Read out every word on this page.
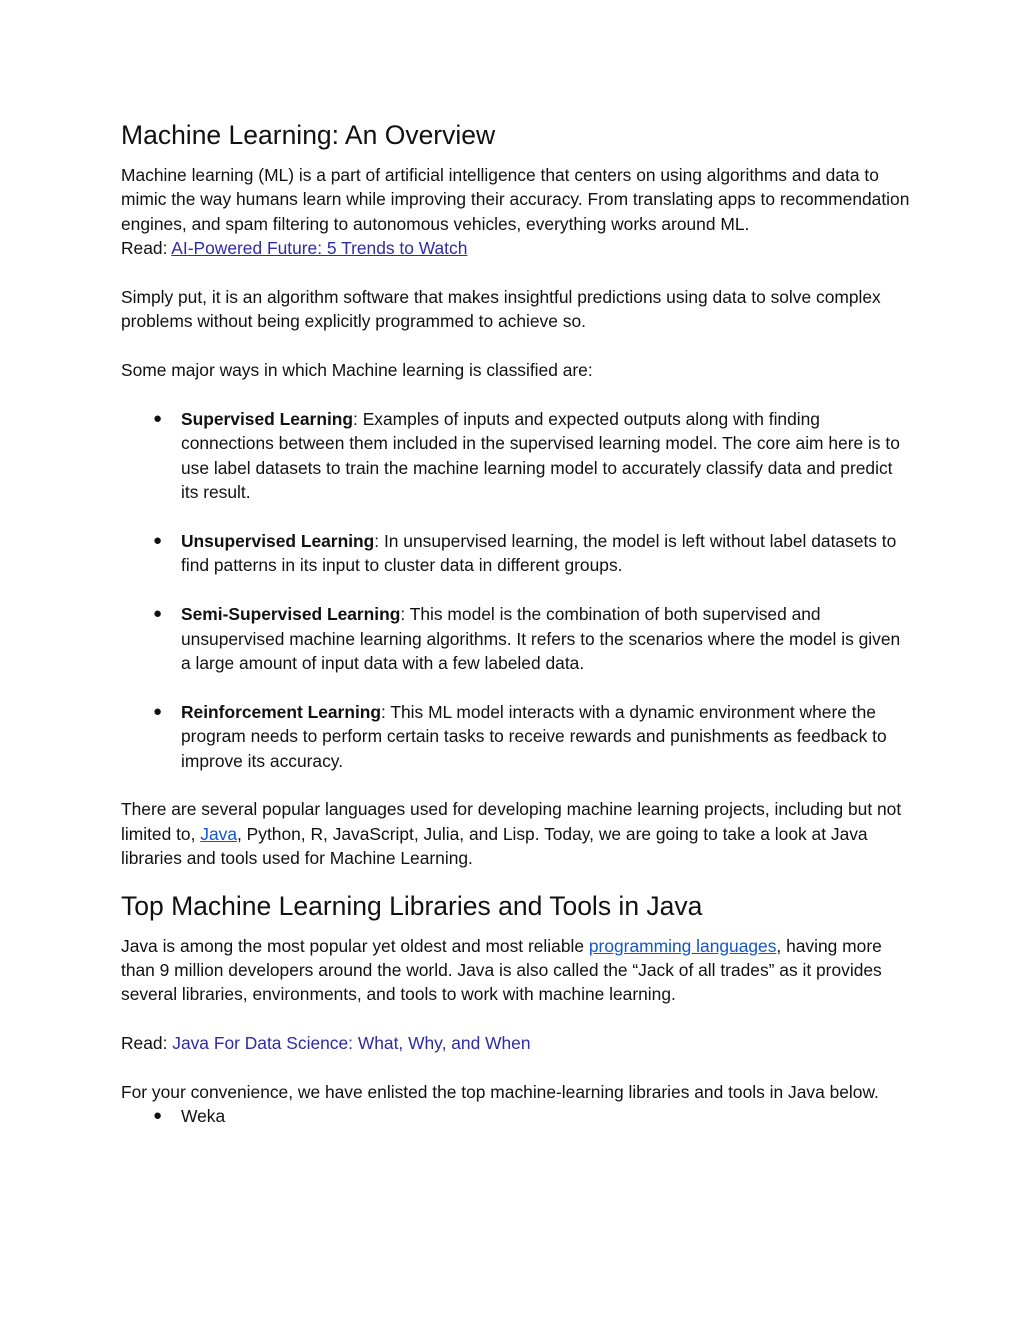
Machine Learning: An Overview

Machine learning (ML) is a part of artificial intelligence that centers on using algorithms and data to mimic the way humans learn while improving their accuracy. From translating apps to recommendation engines, and spam filtering to autonomous vehicles, everything works around ML.

Read: AI-Powered Future: 5 Trends to Watch

Simply put, it is an algorithm software that makes insightful predictions using data to solve complex problems without being explicitly programmed to achieve so.

Some major ways in which Machine learning is classified are:

● Supervised Learning: Examples of inputs and expected outputs along with finding connections between them included in the supervised learning model. The core aim here is to use label datasets to train the machine learning model to accurately classify data and predict its result.
● Unsupervised Learning: In unsupervised learning, the model is left without label datasets to find patterns in its input to cluster data in different groups.
● Semi-Supervised Learning: This model is the combination of both supervised and unsupervised machine learning algorithms. It refers to the scenarios where the model is given a large amount of input data with a few labeled data.
● Reinforcement Learning: This ML model interacts with a dynamic environment where the program needs to perform certain tasks to receive rewards and punishments as feedback to improve its accuracy.

There are several popular languages used for developing machine learning projects, including but not limited to, Java, Python, R, JavaScript, Julia, and Lisp. Today, we are going to take a look at Java libraries and tools used for Machine Learning.

Top Machine Learning Libraries and Tools in Java

Java is among the most popular yet oldest and most reliable programming languages, having more than 9 million developers around the world. Java is also called the “Jack of all trades” as it provides several libraries, environments, and tools to work with machine learning.

Read: Java For Data Science: What, Why, and When

For your convenience, we have enlisted the top machine-learning libraries and tools in Java below.

● Weka
